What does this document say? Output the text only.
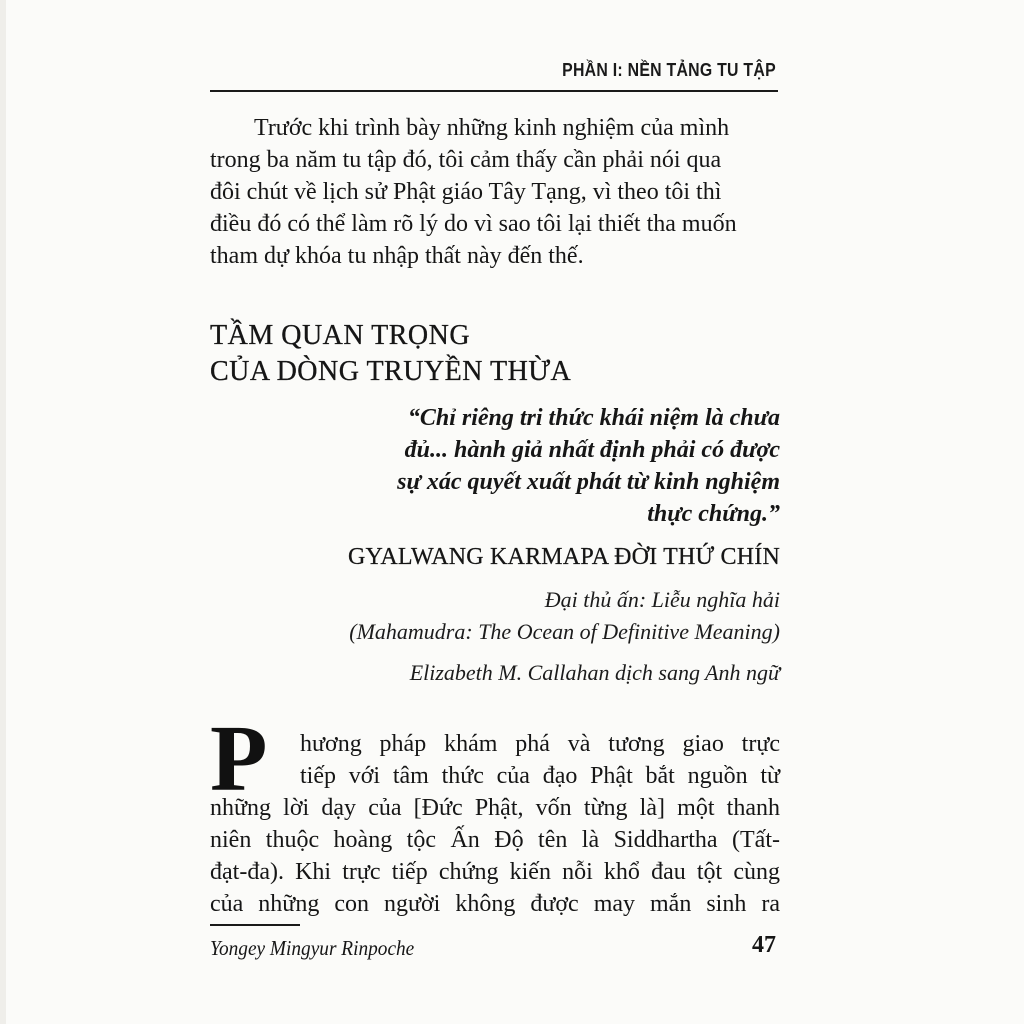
PHẦN I: NỀN TẢNG TU TẬP

Trước khi trình bày những kinh nghiệm của mình
trong ba năm tu tập đó, tôi cảm thấy cần phải nói qua
đôi chút về lịch sử Phật giáo Tây Tạng, vì theo tôi thì
điều đó có thể làm rõ lý do vì sao tôi lại thiết tha muốn
tham dự khóa tu nhập thất này đến thế.

TẦM QUAN TRỌNG
CỦA DÒNG TRUYỀN THỪA
“Chỉ riêng tri thức khái niệm là chưa
đủ... hành giả nhất định phải có được
sự xác quyết xuất phát từ kinh nghiệm
thực chứng.”
GYALWANG KARMAPA ĐỜI THỨ CHÍN
Đại thủ ấn: Liễu nghĩa hải
(Mahamudra: The Ocean of Definitive Meaning)
Elizabeth M. Callahan dịch sang Anh ngữ
P	hương pháp khám phá và tương giao trực
tiếp với tâm thức của đạo Phật bắt nguồn từ
những lời dạy của [Đức Phật, vốn từng là] một thanh
niên thuộc hoàng tộc Ấn Độ tên là Siddhartha (Tất-
đạt-đa). Khi trực tiếp chứng kiến nỗi khổ đau tột cùng
của những con người không được may mắn sinh ra

Yongey Mingyur Rinpoche	47
